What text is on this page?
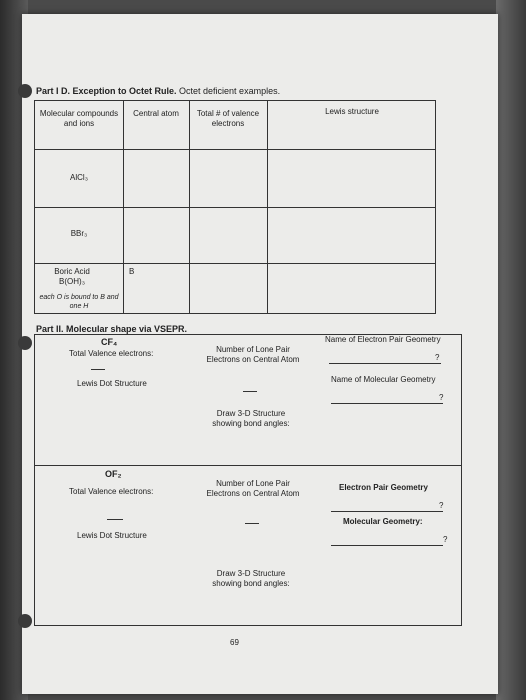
Part I D. Exception to Octet Rule. Octet deficient examples.
Molecular compounds and ions
Central atom	Total # of valence electrons
Lewis structure
AlCl₃
BBr₃
Boric Acid B(OH)₃
B
each O is bound to B and one H
Part II. Molecular shape via VSEPR.
CF₄
Total Valence electrons:	Number of Lone Pair Electrons on Central Atom
Lewis Dot Structure
Draw 3-D Structure showing bond angles:
Name of Electron Pair Geometry
?
Name of Molecular Geometry
?
OF₂
Total Valence electrons:
Number of Lone Pair Electrons on Central Atom
Lewis Dot Structure
Draw 3-D Structure showing bond angles:
Electron Pair Geometry
?
Molecular Geometry:
?
69
